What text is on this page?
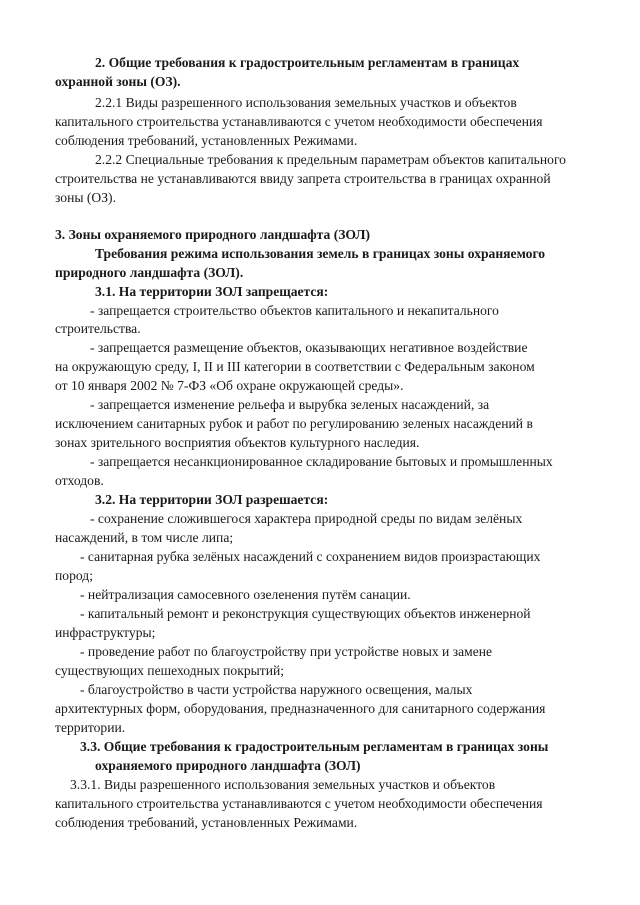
2. Общие требования к градостроительным регламентам в границах
охранной зоны (ОЗ).
2.2.1 Виды разрешенного использования земельных участков и объектов
капитального строительства устанавливаются с учетом необходимости обеспечения
соблюдения требований, установленных Режимами.
2.2.2 Специальные требования к предельным параметрам объектов капитального
строительства не устанавливаются ввиду запрета строительства в границах охранной
зоны (ОЗ).
3. Зоны охраняемого природного ландшафта (ЗОЛ)
Требования режима использования земель в границах зоны охраняемого
природного ландшафта (ЗОЛ).
3.1. На территории ЗОЛ запрещается:
- запрещается строительство объектов капитального и некапитального
строительства.
- запрещается размещение объектов, оказывающих негативное воздействие
на окружающую среду, I, II и III категории в соответствии с Федеральным законом
от 10 января 2002 № 7-ФЗ «Об охране окружающей среды».
- запрещается изменение рельефа и вырубка зеленых насаждений, за
исключением санитарных рубок и работ по регулированию зеленых насаждений в
зонах зрительного восприятия объектов культурного наследия.
- запрещается несанкционированное складирование бытовых и промышленных
отходов.
3.2. На территории ЗОЛ разрешается:
- сохранение сложившегося характера природной среды по видам зелёных
насаждений, в том числе липа;
- санитарная рубка зелёных насаждений с сохранением видов произрастающих
пород;
- нейтрализация самосевного озеленения путём санации.
- капитальный ремонт и реконструкция существующих объектов инженерной
инфраструктуры;
- проведение работ по благоустройству при устройстве новых и замене
существующих пешеходных покрытий;
- благоустройство в части устройства наружного освещения, малых
архитектурных форм, оборудования, предназначенного для санитарного содержания
территории.
3.3. Общие требования к градостроительным регламентам в границах зоны
охраняемого природного ландшафта (ЗОЛ)
3.3.1. Виды разрешенного использования земельных участков и объектов
капитального строительства устанавливаются с учетом необходимости обеспечения
соблюдения требований, установленных Режимами.
